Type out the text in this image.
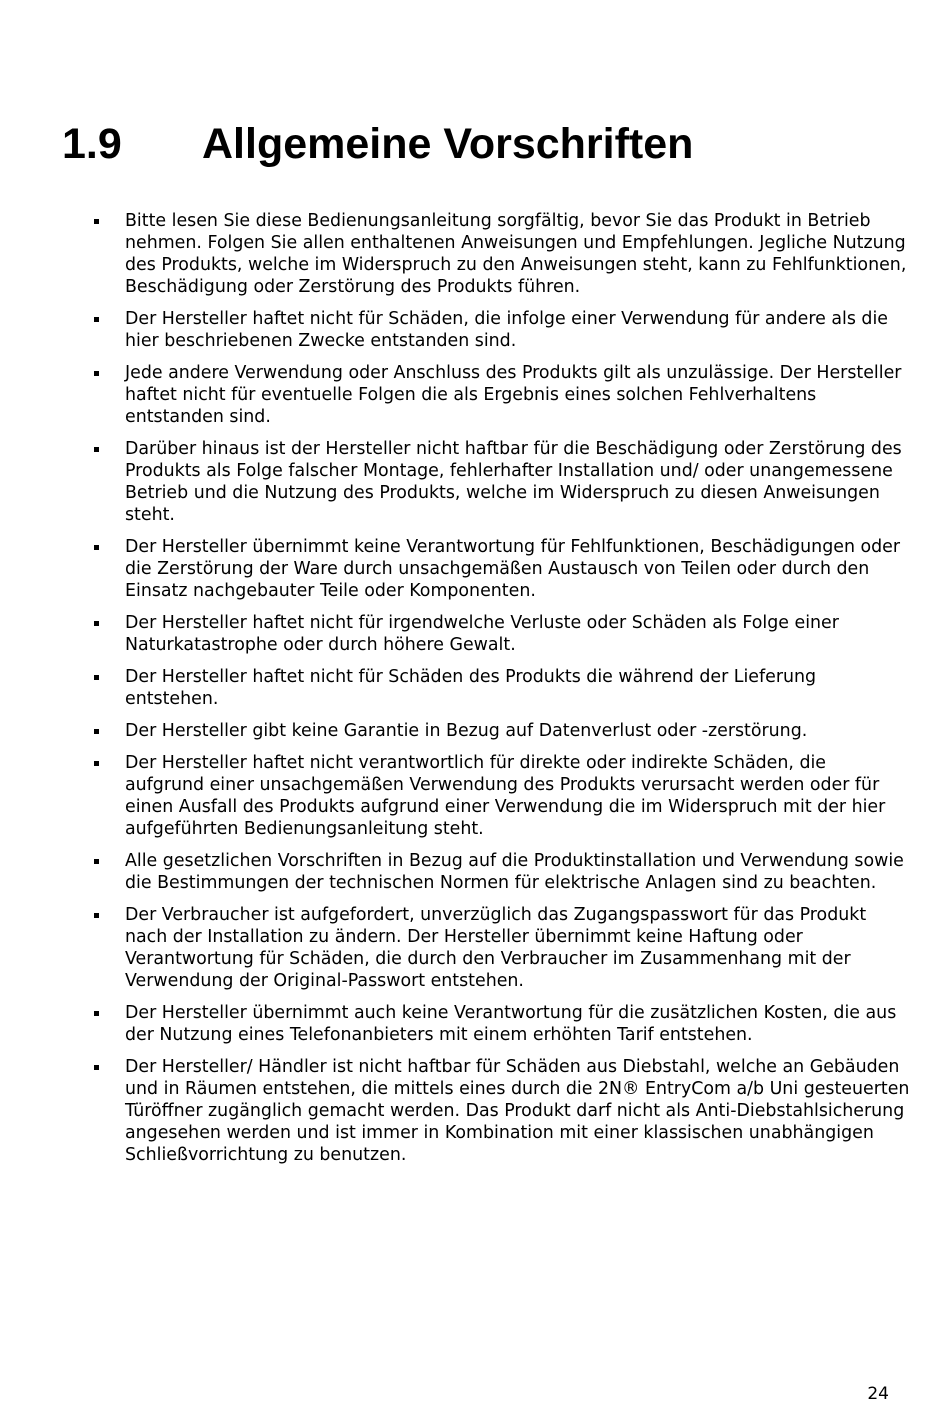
1.9 Allgemeine Vorschriften
Bitte lesen Sie diese Bedienungsanleitung sorgfältig, bevor Sie das Produkt in Betrieb nehmen. Folgen Sie allen enthaltenen Anweisungen und Empfehlungen. Jegliche Nutzung des Produkts, welche im Widerspruch zu den Anweisungen steht, kann zu Fehlfunktionen, Beschädigung oder Zerstörung des Produkts führen.
Der Hersteller haftet nicht für Schäden, die infolge einer Verwendung für andere als die hier beschriebenen Zwecke entstanden sind.
Jede andere Verwendung oder Anschluss des Produkts gilt als unzulässige. Der Hersteller haftet nicht für eventuelle Folgen die als Ergebnis eines solchen Fehlverhaltens entstanden sind.
Darüber hinaus ist der Hersteller nicht haftbar für die Beschädigung oder Zerstörung des Produkts als Folge falscher Montage, fehlerhafter Installation und/ oder unangemessene Betrieb und die Nutzung des Produkts, welche im Widerspruch zu diesen Anweisungen steht.
Der Hersteller übernimmt keine Verantwortung für Fehlfunktionen, Beschädigungen oder die Zerstörung der Ware durch unsachgemäßen Austausch von Teilen oder durch den Einsatz nachgebauter Teile oder Komponenten.
Der Hersteller haftet nicht für irgendwelche Verluste oder Schäden als Folge einer Naturkatastrophe oder durch höhere Gewalt.
Der Hersteller haftet nicht für Schäden des Produkts die während der Lieferung entstehen.
Der Hersteller gibt keine Garantie in Bezug auf Datenverlust oder -zerstörung.
Der Hersteller haftet nicht verantwortlich für direkte oder indirekte Schäden, die aufgrund einer unsachgemäßen Verwendung des Produkts verursacht werden oder für einen Ausfall des Produkts aufgrund einer Verwendung die im Widerspruch mit der hier aufgeführten Bedienungsanleitung steht.
Alle gesetzlichen Vorschriften in Bezug auf die Produktinstallation und Verwendung sowie die Bestimmungen der technischen Normen für elektrische Anlagen sind zu beachten.
Der Verbraucher ist aufgefordert, unverzüglich das Zugangspasswort für das Produkt nach der Installation zu ändern. Der Hersteller übernimmt keine Haftung oder Verantwortung für Schäden, die durch den Verbraucher im Zusammenhang mit der Verwendung der Original-Passwort entstehen.
Der Hersteller übernimmt auch keine Verantwortung für die zusätzlichen Kosten, die aus der Nutzung eines Telefonanbieters mit einem erhöhten Tarif entstehen.
Der Hersteller/ Händler ist nicht haftbar für Schäden aus Diebstahl, welche an Gebäuden und in Räumen entstehen, die mittels eines durch die 2N® EntryCom a/b Uni gesteuerten Türöffner zugänglich gemacht werden. Das Produkt darf nicht als Anti-Diebstahlsicherung angesehen werden und ist immer in Kombination mit einer klassischen unabhängigen Schließvorrichtung zu benutzen.
24
